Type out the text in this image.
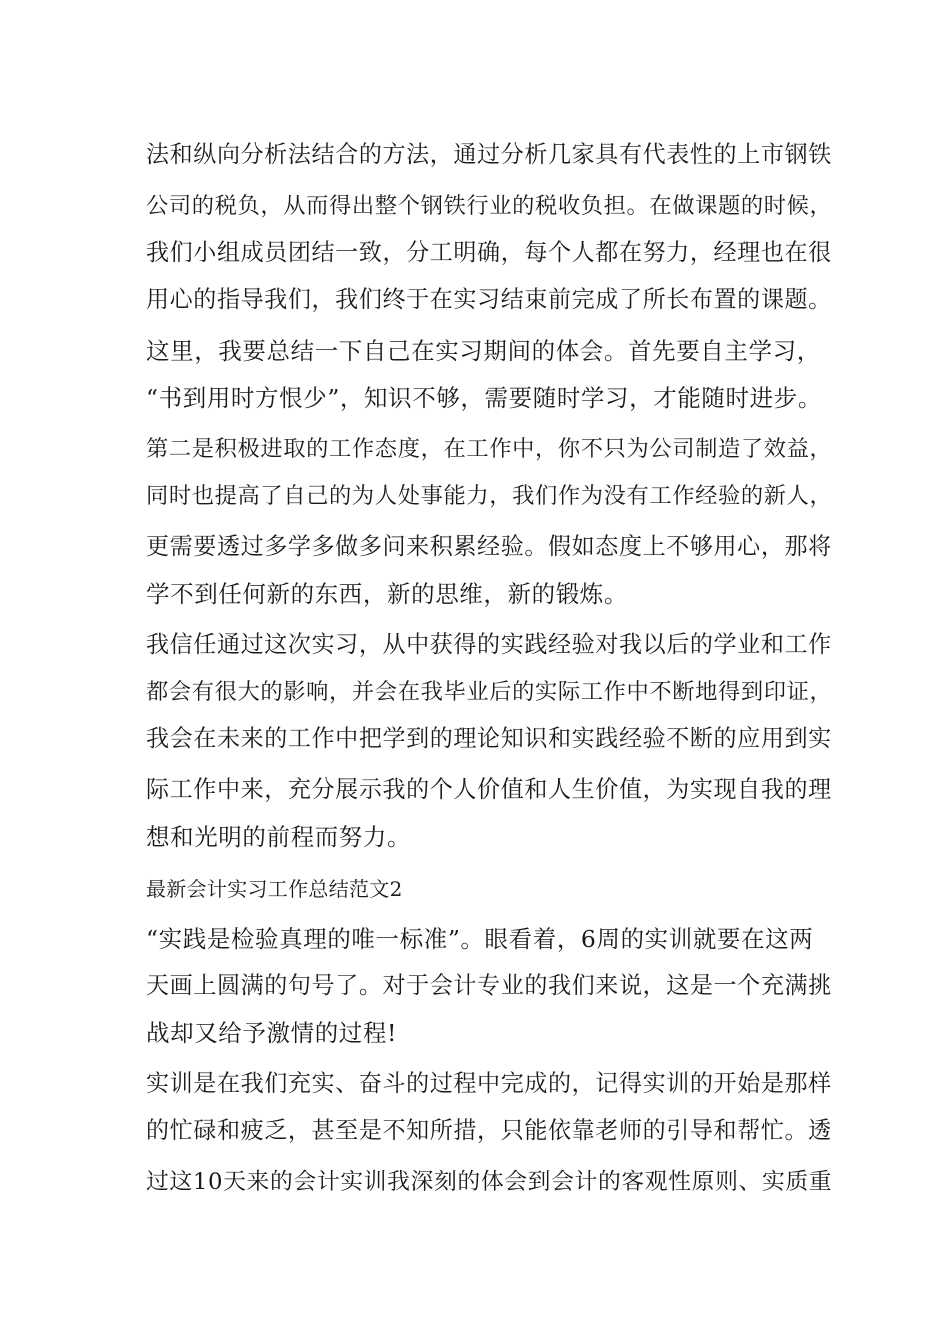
法和纵向分析法结合的方法，通过分析几家具有代表性的上市钢铁
公司的税负，从而得出整个钢铁行业的税收负担。在做课题的时候，
我们小组成员团结一致，分工明确，每个人都在努力，经理也在很
用心的指导我们，我们终于在实习结束前完成了所长布置的课题。
这里，我要总结一下自己在实习期间的体会。首先要自主学习，
“书到用时方恨少”，知识不够，需要随时学习，才能随时进步。
第二是积极进取的工作态度，在工作中，你不只为公司制造了效益，
同时也提高了自己的为人处事能力，我们作为没有工作经验的新人，
更需要透过多学多做多问来积累经验。假如态度上不够用心，那将
学不到任何新的东西，新的思维，新的锻炼。
我信任通过这次实习，从中获得的实践经验对我以后的学业和工作
都会有很大的影响，并会在我毕业后的实际工作中不断地得到印证，
我会在未来的工作中把学到的理论知识和实践经验不断的应用到实
际工作中来，充分展示我的个人价值和人生价值，为实现自我的理
想和光明的前程而努力。
最新会计实习工作总结范文2
“实践是检验真理的唯一标准”。眼看着，6周的实训就要在这两
天画上圆满的句号了。对于会计专业的我们来说，这是一个充满挑
战却又给予激情的过程!
实训是在我们充实、奋斗的过程中完成的，记得实训的开始是那样
的忙碌和疲乏，甚至是不知所措，只能依靠老师的引导和帮忙。透
过这10天来的会计实训我深刻的体会到会计的客观性原则、实质重
